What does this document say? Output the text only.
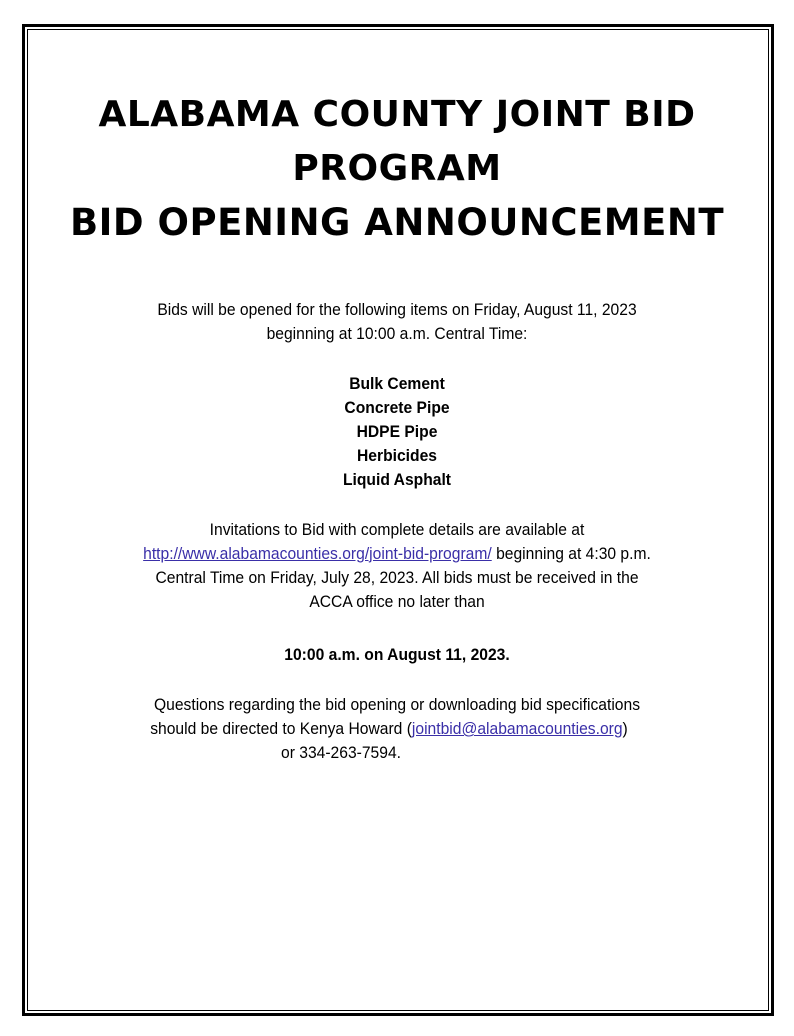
ALABAMA COUNTY JOINT BID
PROGRAM
BID OPENING ANNOUNCEMENT

Bids will be opened for the following items on Friday, August 11, 2023

beginning at 10:00 a.m. Central Time:

Bulk Cement
Concrete Pipe
HDPE Pipe
Herbicides
Liquid Asphalt

Invitations to Bid with complete details are available at

http://www.alabamacounties.org/joint-bid-program/ beginning at 4:30 p.m.

Central Time on Friday, July 28, 2023. All bids must be received in the

ACCA office no later than

10:00 a.m. on August 11, 2023.

Questions regarding the bid opening or downloading bid specifications

should be directed to Kenya Howard (jointbid@alabamacounties.org)

or 334-263-7594.
